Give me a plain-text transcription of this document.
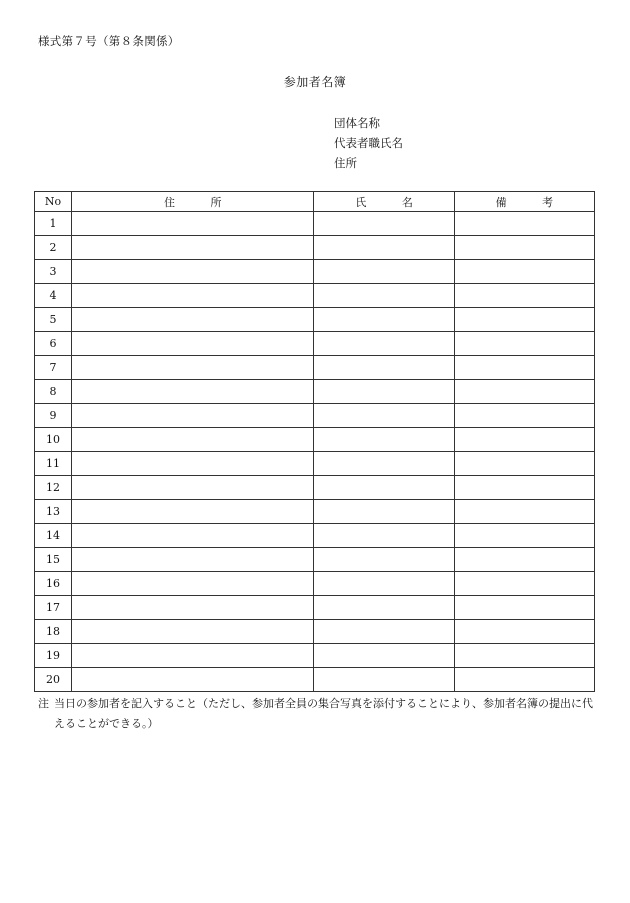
様式第７号（第８条関係）
参加者名簿
団体名称
代表者職氏名
住所
No	住 所	氏 名	備 考
1			
2			
3			
4			
5			
6			
7			
8			
9			
10			
11			
12			
13			
14			
15			
16			
17			
18			
19			
20			
注 当日の参加者を記入すること（ただし、参加者全員の集合写真を添付することにより、参加者名簿の提出に代えることができる。）
